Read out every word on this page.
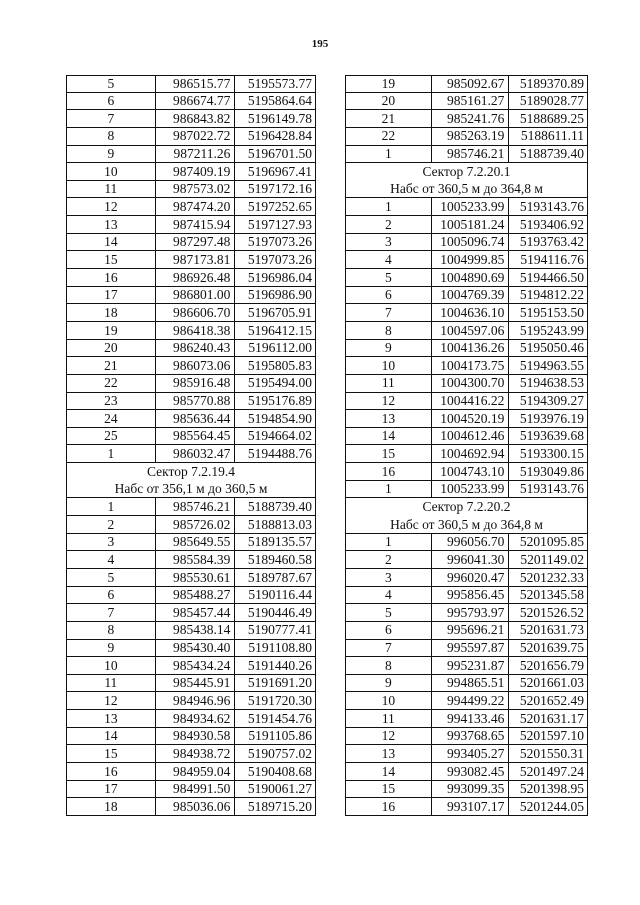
195
5	986515.77	5195573.77
6	986674.77	5195864.64
7	986843.82	5196149.78
8	987022.72	5196428.84
9	987211.26	5196701.50
10	987409.19	5196967.41
11	987573.02	5197172.16
12	987474.20	5197252.65
13	987415.94	5197127.93
14	987297.48	5197073.26
15	987173.81	5197073.26
16	986926.48	5196986.04
17	986801.00	5196986.90
18	986606.70	5196705.91
19	986418.38	5196412.15
20	986240.43	5196112.00
21	986073.06	5195805.83
22	985916.48	5195494.00
23	985770.88	5195176.89
24	985636.44	5194854.90
25	985564.45	5194664.02
1	986032.47	5194488.76
Сектор 7.2.19.4
Набс от 356,1 м до 360,5 м
1	985746.21	5188739.40
2	985726.02	5188813.03
3	985649.55	5189135.57
4	985584.39	5189460.58
5	985530.61	5189787.67
6	985488.27	5190116.44
7	985457.44	5190446.49
8	985438.14	5190777.41
9	985430.40	5191108.80
10	985434.24	5191440.26
11	985445.91	5191691.20
12	984946.96	5191720.30
13	984934.62	5191454.76
14	984930.58	5191105.86
15	984938.72	5190757.02
16	984959.04	5190408.68
17	984991.50	5190061.27
18	985036.06	5189715.20
19	985092.67	5189370.89
20	985161.27	5189028.77
21	985241.76	5188689.25
22	985263.19	5188611.11
1	985746.21	5188739.40
Сектор 7.2.20.1
Набс от 360,5 м до 364,8 м
1	1005233.99	5193143.76
2	1005181.24	5193406.92
3	1005096.74	5193763.42
4	1004999.85	5194116.76
5	1004890.69	5194466.50
6	1004769.39	5194812.22
7	1004636.10	5195153.50
8	1004597.06	5195243.99
9	1004136.26	5195050.46
10	1004173.75	5194963.55
11	1004300.70	5194638.53
12	1004416.22	5194309.27
13	1004520.19	5193976.19
14	1004612.46	5193639.68
15	1004692.94	5193300.15
16	1004743.10	5193049.86
1	1005233.99	5193143.76
Сектор 7.2.20.2
Набс от 360,5 м до 364,8 м
1	996056.70	5201095.85
2	996041.30	5201149.02
3	996020.47	5201232.33
4	995856.45	5201345.58
5	995793.97	5201526.52
6	995696.21	5201631.73
7	995597.87	5201639.75
8	995231.87	5201656.79
9	994865.51	5201661.03
10	994499.22	5201652.49
11	994133.46	5201631.17
12	993768.65	5201597.10
13	993405.27	5201550.31
14	993082.45	5201497.24
15	993099.35	5201398.95
16	993107.17	5201244.05
